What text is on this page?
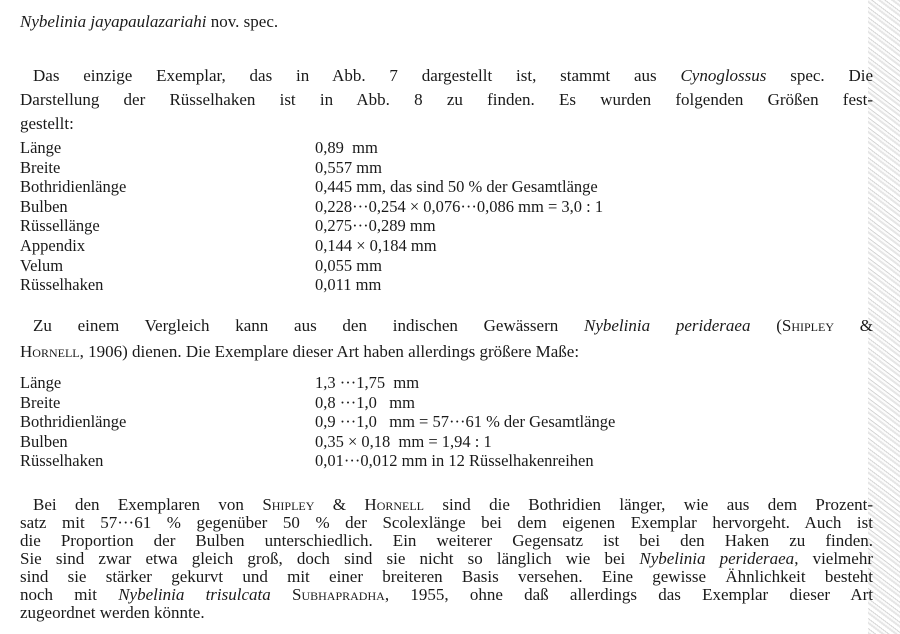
Nybelinia jayapaulazariahi nov. spec.
Das einzige Exemplar, das in Abb. 7 dargestellt ist, stammt aus Cynoglossus spec. Die
Darstellung der Rüsselhaken ist in Abb. 8 zu finden. Es wurden folgenden Größen fest-
gestellt:
Länge	0,89  mm
Breite	0,557 mm
Bothridienlänge	0,445 mm, das sind 50 % der Gesamtlänge
Bulben	0,228···0,254 × 0,076···0,086 mm = 3,0 : 1
Rüssellänge	0,275···0,289 mm
Appendix	0,144 × 0,184 mm
Velum	0,055 mm
Rüsselhaken	0,011 mm
Zu einem Vergleich kann aus den indischen Gewässern Nybelinia perideraea (Shipley &
Hornell, 1906) dienen. Die Exemplare dieser Art haben allerdings größere Maße:
Länge	1,3 ···1,75  mm
Breite	0,8 ···1,0   mm
Bothridienlänge	0,9 ···1,0   mm = 57···61 % der Gesamtlänge
Bulben	0,35 × 0,18  mm = 1,94 : 1
Rüsselhaken	0,01···0,012 mm in 12 Rüsselhakenreihen
Bei den Exemplaren von Shipley & Hornell sind die Bothridien länger, wie aus dem Prozent-
satz mit 57···61 % gegenüber 50 % der Scolexlänge bei dem eigenen Exemplar hervorgeht. Auch ist
die Proportion der Bulben unterschiedlich. Ein weiterer Gegensatz ist bei den Haken zu finden.
Sie sind zwar etwa gleich groß, doch sind sie nicht so länglich wie bei Nybelinia perideraea, vielmehr
sind sie stärker gekurvt und mit einer breiteren Basis versehen. Eine gewisse Ähnlichkeit besteht
noch mit Nybelinia trisulcata Subhapradha, 1955, ohne daß allerdings das Exemplar dieser Art
zugeordnet werden könnte.
